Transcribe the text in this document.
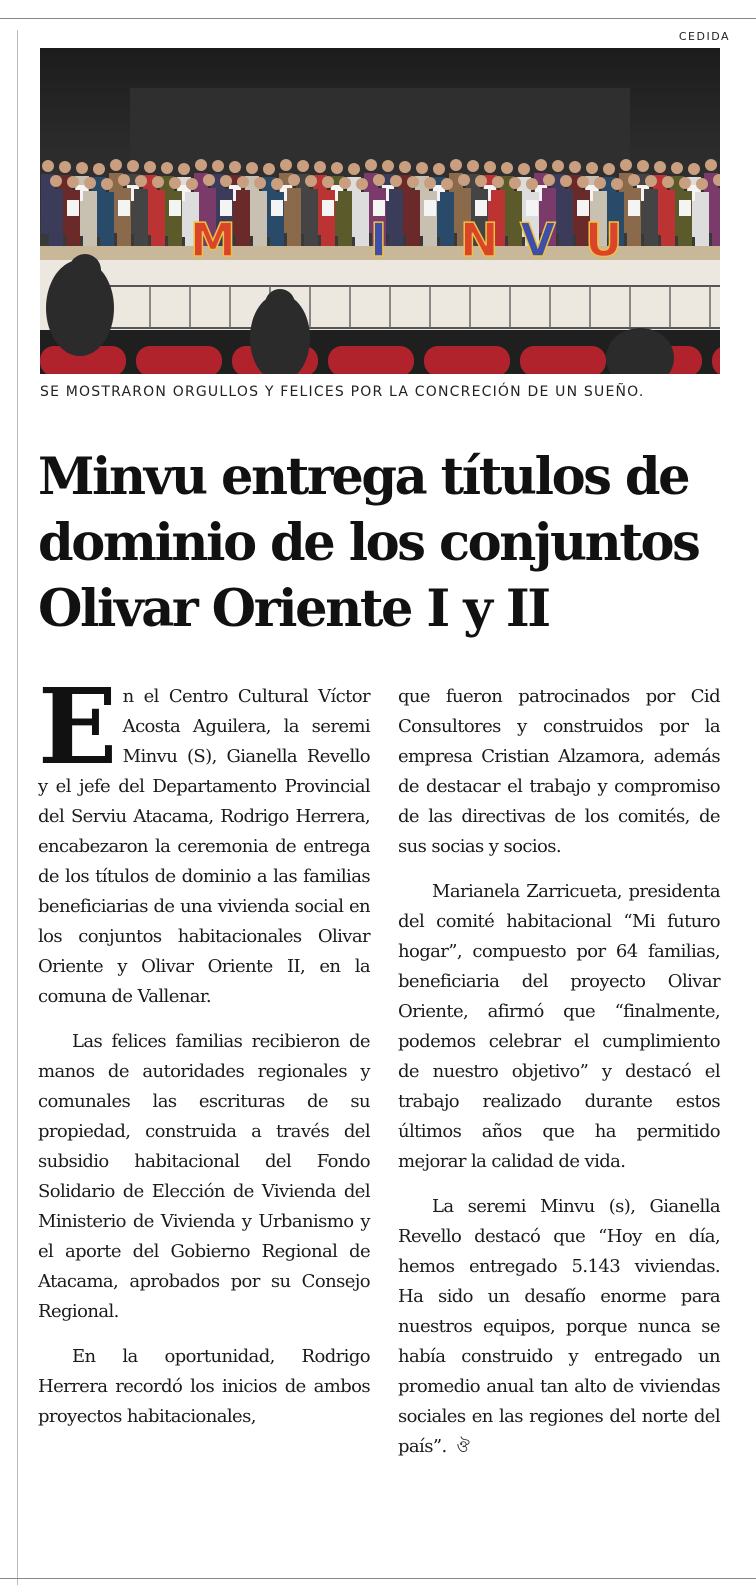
CEDIDA
M	I N V U
SE MOSTRARON ORGULLOS Y FELICES POR LA CONCRECIÓN DE UN SUEÑO.
Minvu entrega títulos de
dominio de los conjuntos
Olivar Oriente I y II

En el Centro Cultural Víctor Acosta Aguilera, la seremi Minvu (S), Gianella Revello y el jefe del Departamento Provincial del Serviu Atacama, Rodrigo Herrera, encabezaron la ceremonia de entrega de los títulos de dominio a las familias beneficiarias de una vivienda social en los conjuntos habitacionales Olivar Oriente y Olivar Oriente II, en la comuna de Vallenar.

Las felices familias recibieron de manos de autoridades regionales y comunales las escrituras de su propiedad, construida a través del subsidio habitacional del Fondo Solidario de Elección de Vivienda del Ministerio de Vivienda y Urbanismo y el aporte del Gobierno Regional de Atacama, aprobados por su Consejo Regional.

En la oportunidad, Rodrigo Herrera recordó los inicios de ambos proyectos habitacionales,

que fueron patrocinados por Cid Consultores y construidos por la empresa Cristian Alzamora, además de destacar el trabajo y compromiso de las directivas de los comités, de sus socias y socios.

Marianela Zarricueta, presidenta del comité habitacional “Mi futuro hogar”, compuesto por 64 familias, beneficiaria del proyecto Olivar Oriente, afirmó que “finalmente, podemos celebrar el cumplimiento de nuestro objetivo” y destacó el trabajo realizado durante estos últimos años que ha permitido mejorar la calidad de vida.

La seremi Minvu (s), Gianella Revello destacó que “Hoy en día, hemos entregado 5.143 viviendas. Ha sido un desafío enorme para nuestros equipos, porque nunca se había construido y entregado un promedio anual tan alto de viviendas sociales en las regiones del norte del país”. ঔ
